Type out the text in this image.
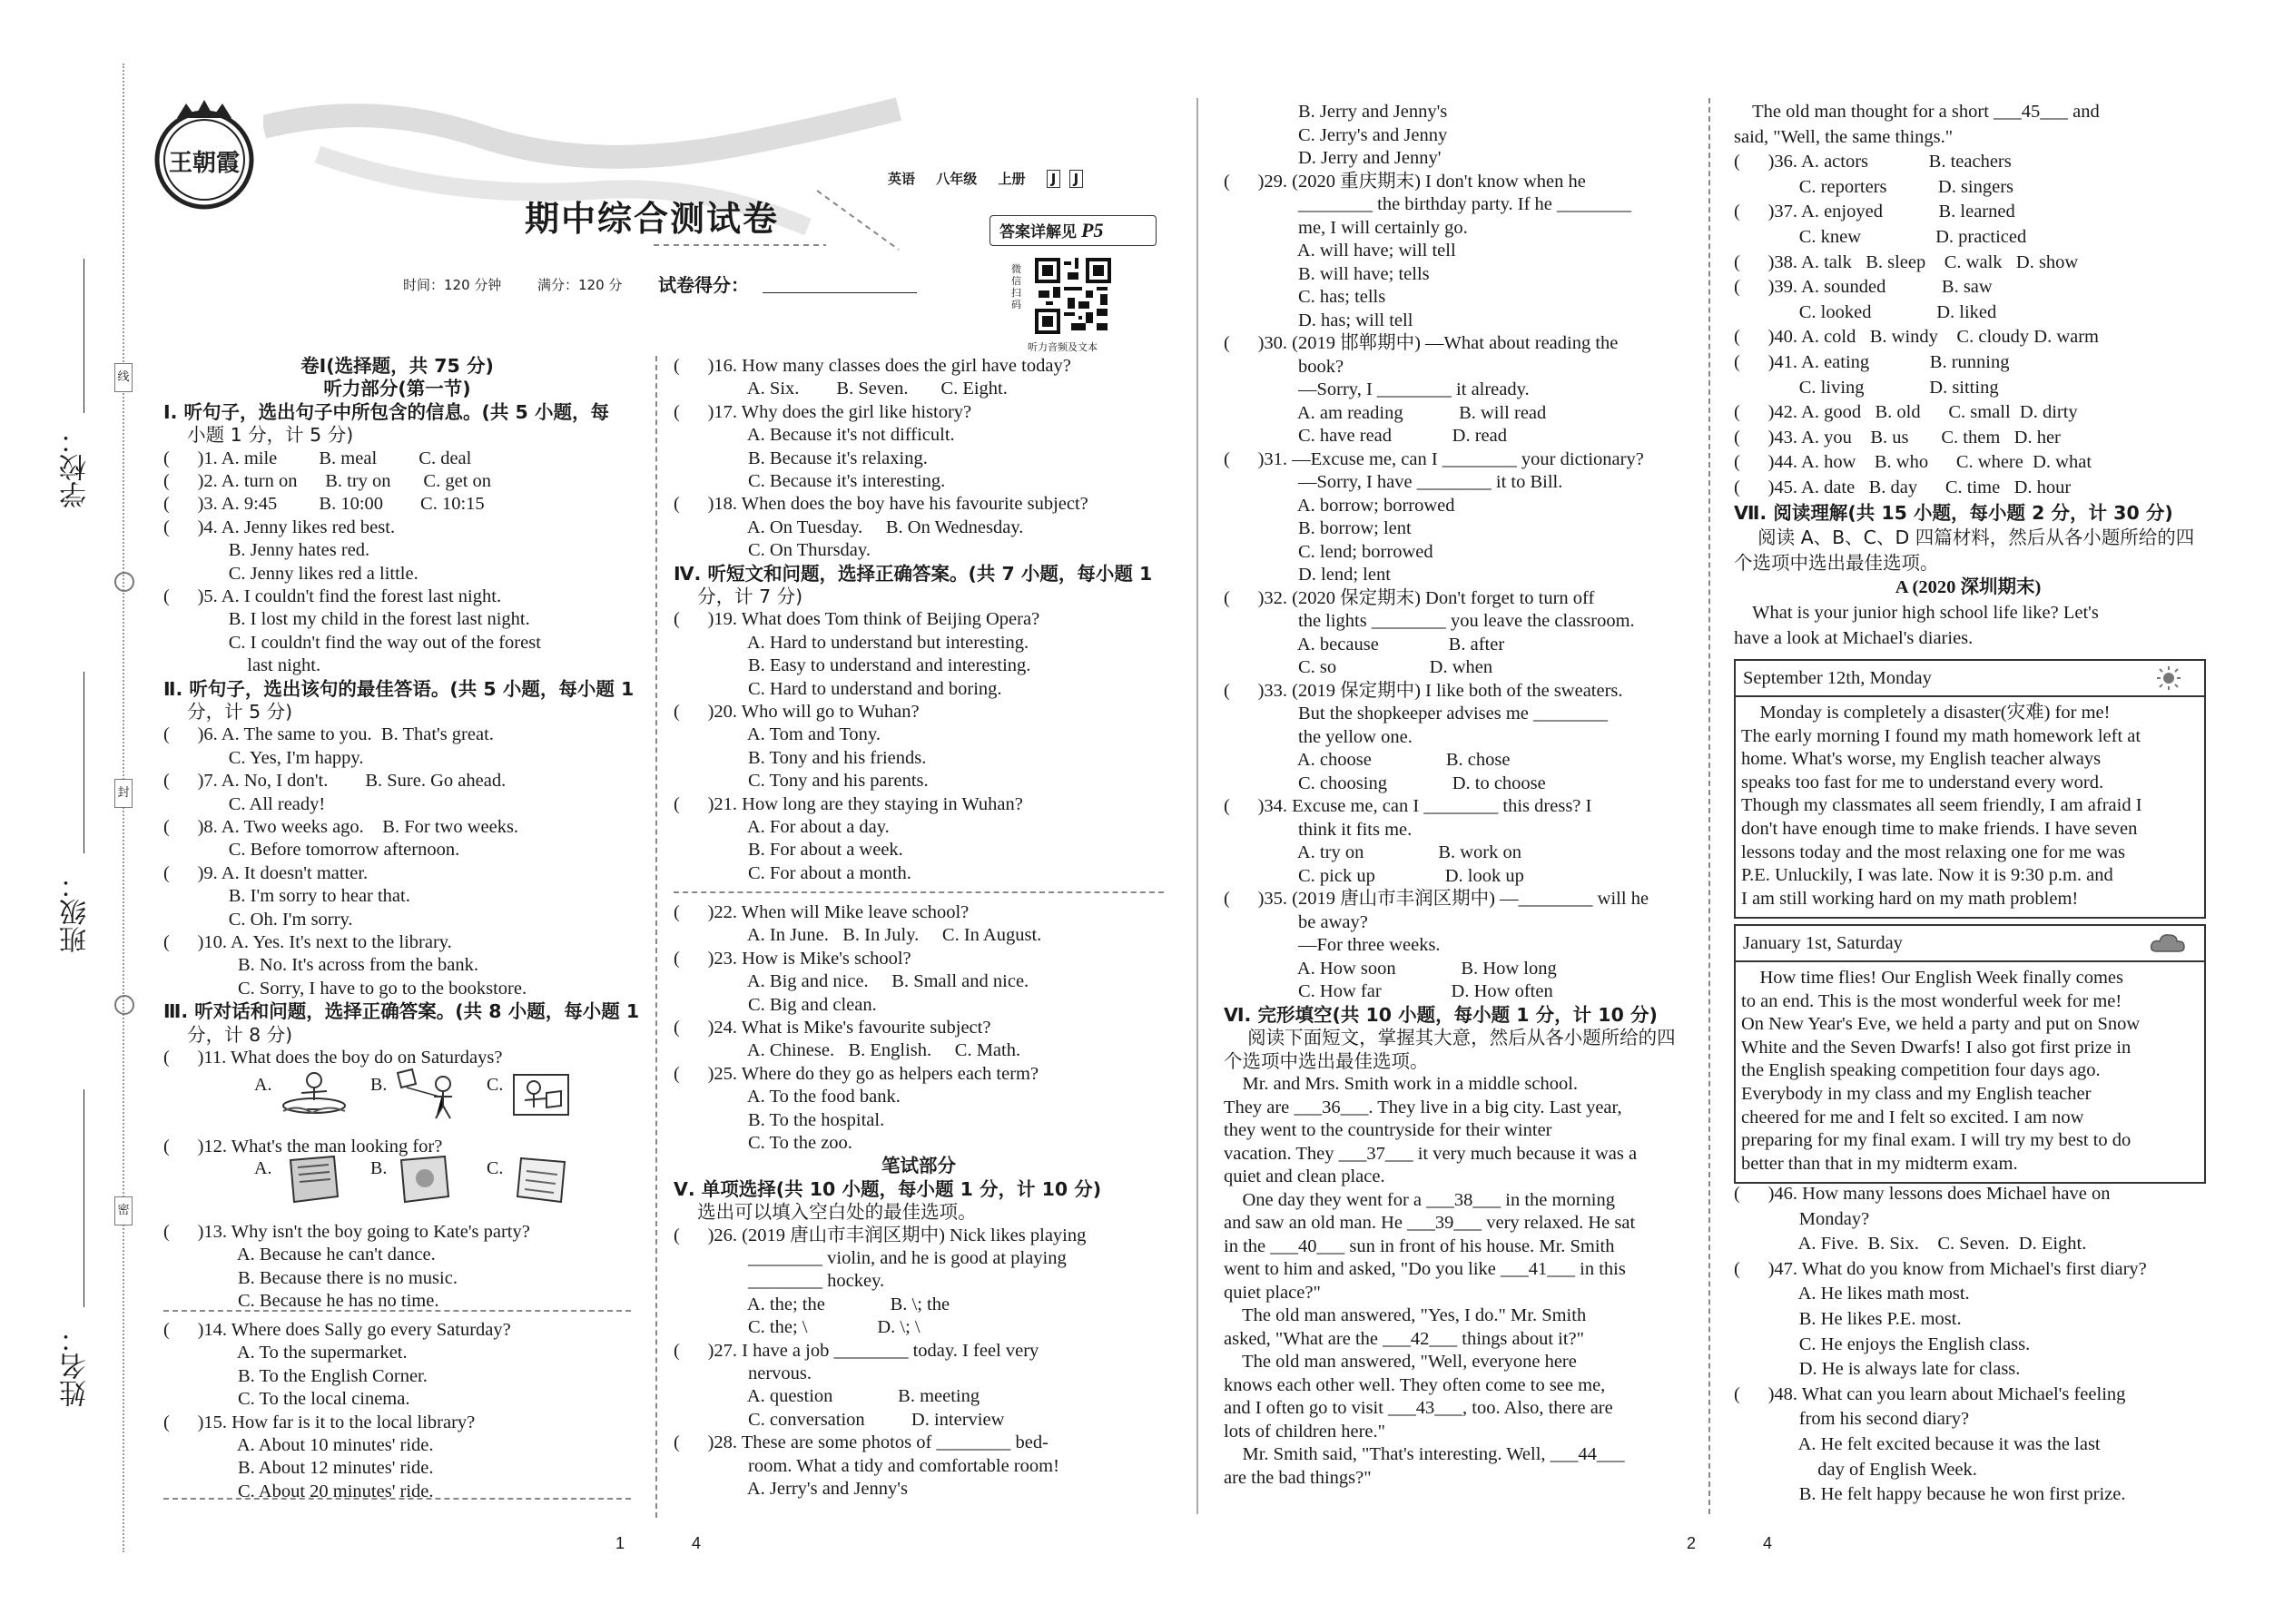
学校：
班级：
姓名：
线
封
密
王朝霞
期中综合测试卷
英语 八年级 上册 J J
答案详解见 P5
时间：120 分钟	满分：120 分 试卷得分：
微信扫码
听力音频及文本
卷Ⅰ(选择题，共 75 分)
听力部分(第一节)
Ⅰ. 听句子，选出句子中所包含的信息。(共 5 小题，每
小题 1 分，计 5 分)
(      )1. A. mile         B. meal         C. deal
(      )2. A. turn on      B. try on       C. get on
(      )3. A. 9:45         B. 10:00        C. 10:15
(      )4. A. Jenny likes red best.
B. Jenny hates red.
C. Jenny likes red a little.
(      )5. A. I couldn't find the forest last night.
B. I lost my child in the forest last night.
C. I couldn't find the way out of the forest
last night.
Ⅱ. 听句子，选出该句的最佳答语。(共 5 小题，每小题 1
分，计 5 分)
(      )6. A. The same to you.  B. That's great.
C. Yes, I'm happy.
(      )7. A. No, I don't.        B. Sure. Go ahead.
C. All ready!
(      )8. A. Two weeks ago.    B. For two weeks.
C. Before tomorrow afternoon.
(      )9. A. It doesn't matter.
B. I'm sorry to hear that.
C. Oh. I'm sorry.
(      )10. A. Yes. It's next to the library.
B. No. It's across from the bank.
C. Sorry, I have to go to the bookstore.
Ⅲ. 听对话和问题，选择正确答案。(共 8 小题，每小题 1
分，计 8 分)
(      )11. What does the boy do on Saturdays?
A.	B.	C.
(      )12. What's the man looking for?
A.	B.	C.
(      )13. Why isn't the boy going to Kate's party?
A. Because he can't dance.
B. Because there is no music.
C. Because he has no time.
(      )14. Where does Sally go every Saturday?
A. To the supermarket.
B. To the English Corner.
C. To the local cinema.
(      )15. How far is it to the local library?
A. About 10 minutes' ride.
B. About 12 minutes' ride.
C. About 20 minutes' ride.
(      )16. How many classes does the girl have today?
A. Six.        B. Seven.       C. Eight.
(      )17. Why does the girl like history?
A. Because it's not difficult.
B. Because it's relaxing.
C. Because it's interesting.
(      )18. When does the boy have his favourite subject?
A. On Tuesday.     B. On Wednesday.
C. On Thursday.
Ⅳ. 听短文和问题，选择正确答案。(共 7 小题，每小题 1
分，计 7 分)
(      )19. What does Tom think of Beijing Opera?
A. Hard to understand but interesting.
B. Easy to understand and interesting.
C. Hard to understand and boring.
(      )20. Who will go to Wuhan?
A. Tom and Tony.
B. Tony and his friends.
C. Tony and his parents.
(      )21. How long are they staying in Wuhan?
A. For about a day.
B. For about a week.
C. For about a month.
(      )22. When will Mike leave school?
A. In June.   B. In July.     C. In August.
(      )23. How is Mike's school?
A. Big and nice.     B. Small and nice.
C. Big and clean.
(      )24. What is Mike's favourite subject?
A. Chinese.   B. English.     C. Math.
(      )25. Where do they go as helpers each term?
A. To the food bank.
B. To the hospital.
C. To the zoo.
笔试部分
Ⅴ. 单项选择(共 10 小题，每小题 1 分，计 10 分)
选出可以填入空白处的最佳选项。
(      )26. (2019 唐山市丰润区期中) Nick likes playing
________ violin, and he is good at playing
________ hockey.
A. the; the              B. \; the
C. the; \               D. \; \
(      )27. I have a job ________ today. I feel very
nervous.
A. question              B. meeting
C. conversation          D. interview
(      )28. These are some photos of ________ bed-
room. What a tidy and comfortable room!
A. Jerry's and Jenny's
B. Jerry and Jenny's
C. Jerry's and Jenny
D. Jerry and Jenny'
(      )29. (2020 重庆期末) I don't know when he
________ the birthday party. If he ________
me, I will certainly go.
A. will have; will tell
B. will have; tells
C. has; tells
D. has; will tell
(      )30. (2019 邯郸期中) —What about reading the
book?
—Sorry, I ________ it already.
A. am reading            B. will read
C. have read             D. read
(      )31. —Excuse me, can I ________ your dictionary?
—Sorry, I have ________ it to Bill.
A. borrow; borrowed
B. borrow; lent
C. lend; borrowed
D. lend; lent
(      )32. (2020 保定期末) Don't forget to turn off
the lights ________ you leave the classroom.
A. because               B. after
C. so                    D. when
(      )33. (2019 保定期中) I like both of the sweaters.
But the shopkeeper advises me ________
the yellow one.
A. choose                B. chose
C. choosing              D. to choose
(      )34. Excuse me, can I ________ this dress? I
think it fits me.
A. try on                B. work on
C. pick up               D. look up
(      )35. (2019 唐山市丰润区期中) —________ will he
be away?
—For three weeks.
A. How soon              B. How long
C. How far               D. How often
Ⅵ. 完形填空(共 10 小题，每小题 1 分，计 10 分)
阅读下面短文，掌握其大意，然后从各小题所给的四
个选项中选出最佳选项。
Mr. and Mrs. Smith work in a middle school.
They are ___36___. They live in a big city. Last year,
they went to the countryside for their winter
vacation. They ___37___ it very much because it was a
quiet and clean place.
One day they went for a ___38___ in the morning
and saw an old man. He ___39___ very relaxed. He sat
in the ___40___ sun in front of his house. Mr. Smith
went to him and asked, "Do you like ___41___ in this
quiet place?"
The old man answered, "Yes, I do." Mr. Smith
asked, "What are the ___42___ things about it?"
The old man answered, "Well, everyone here
knows each other well. They often come to see me,
and I often go to visit ___43___, too. Also, there are
lots of children here."
Mr. Smith said, "That's interesting. Well, ___44___
are the bad things?"
The old man thought for a short ___45___ and
said, "Well, the same things."
(      )36. A. actors             B. teachers
C. reporters           D. singers
(      )37. A. enjoyed            B. learned
C. knew                D. practiced
(      )38. A. talk   B. sleep    C. walk   D. show
(      )39. A. sounded            B. saw
C. looked              D. liked
(      )40. A. cold   B. windy    C. cloudy D. warm
(      )41. A. eating             B. running
C. living              D. sitting
(      )42. A. good   B. old      C. small  D. dirty
(      )43. A. you    B. us       C. them   D. her
(      )44. A. how    B. who      C. where  D. what
(      )45. A. date   B. day      C. time   D. hour
Ⅶ. 阅读理解(共 15 小题，每小题 2 分，计 30 分)
阅读 A、B、C、D 四篇材料，然后从各小题所给的四
个选项中选出最佳选项。
A (2020 深圳期末)
What is your junior high school life like? Let's
have a look at Michael's diaries.
September 12th, Monday
Monday is completely a disaster(灾难) for me!
The early morning I found my math homework left at
home. What's worse, my English teacher always
speaks too fast for me to understand every word.
Though my classmates all seem friendly, I am afraid I
don't have enough time to make friends. I have seven
lessons today and the most relaxing one for me was
P.E. Unluckily, I was late. Now it is 9:30 p.m. and
I am still working hard on my math problem!
January 1st, Saturday
How time flies! Our English Week finally comes
to an end. This is the most wonderful week for me!
On New Year's Eve, we held a party and put on Snow
White and the Seven Dwarfs! I also got first prize in
the English speaking competition four days ago.
Everybody in my class and my English teacher
cheered for me and I felt so excited. I am now
preparing for my final exam. I will try my best to do
better than that in my midterm exam.
(      )46. How many lessons does Michael have on
Monday?
A. Five.  B. Six.    C. Seven.  D. Eight.
(      )47. What do you know from Michael's first diary?
A. He likes math most.
B. He likes P.E. most.
C. He enjoys the English class.
D. He is always late for class.
(      )48. What can you learn about Michael's feeling
from his second diary?
A. He felt excited because it was the last
day of English Week.
B. He felt happy because he won first prize.
1	4	2	4
